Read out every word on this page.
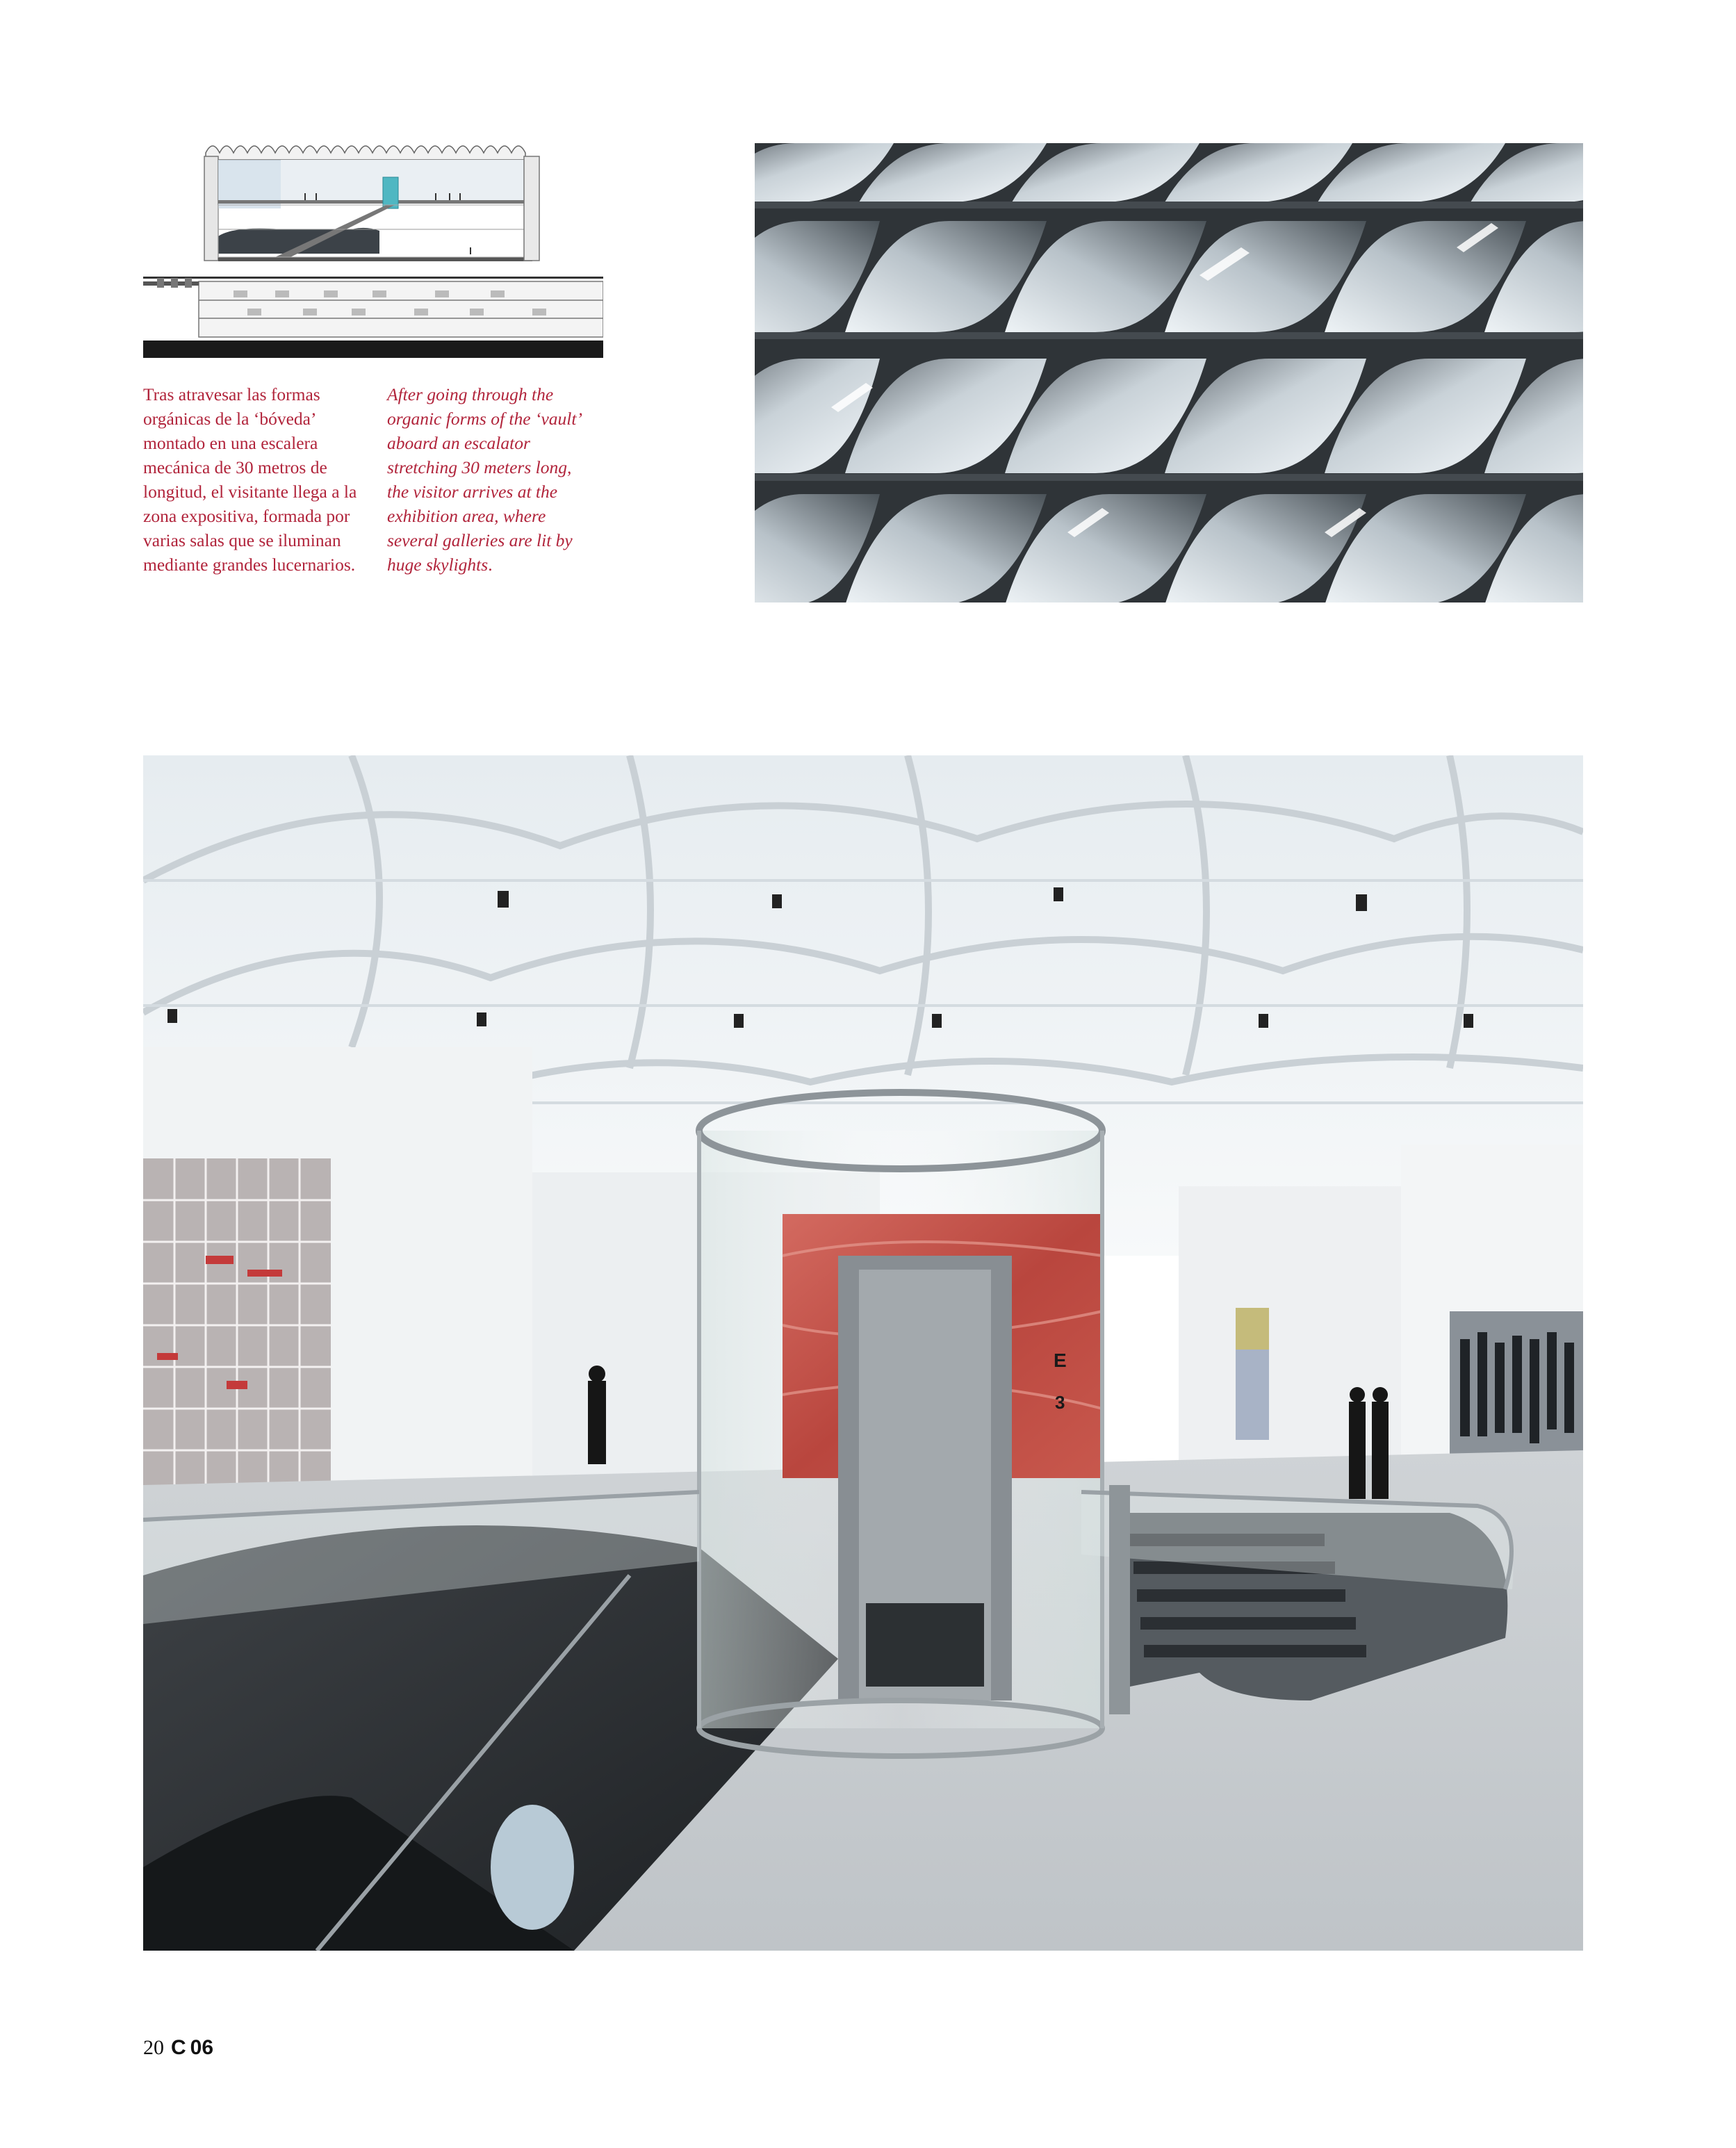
Tras atravesar las formas orgánicas de la ‘bóveda’ montado en una escalera mecánica de 30 metros de longitud, el visitante llega a la zona expositiva, formada por varias salas que se iluminan mediante grandes lucernarios.

After going through the organic forms of the ‘vault’ aboard an escalator stretching 30 meters long, the visitor arrives at the exhibition area, where several galleries are lit by huge skylights.

E
3
20 C 06
